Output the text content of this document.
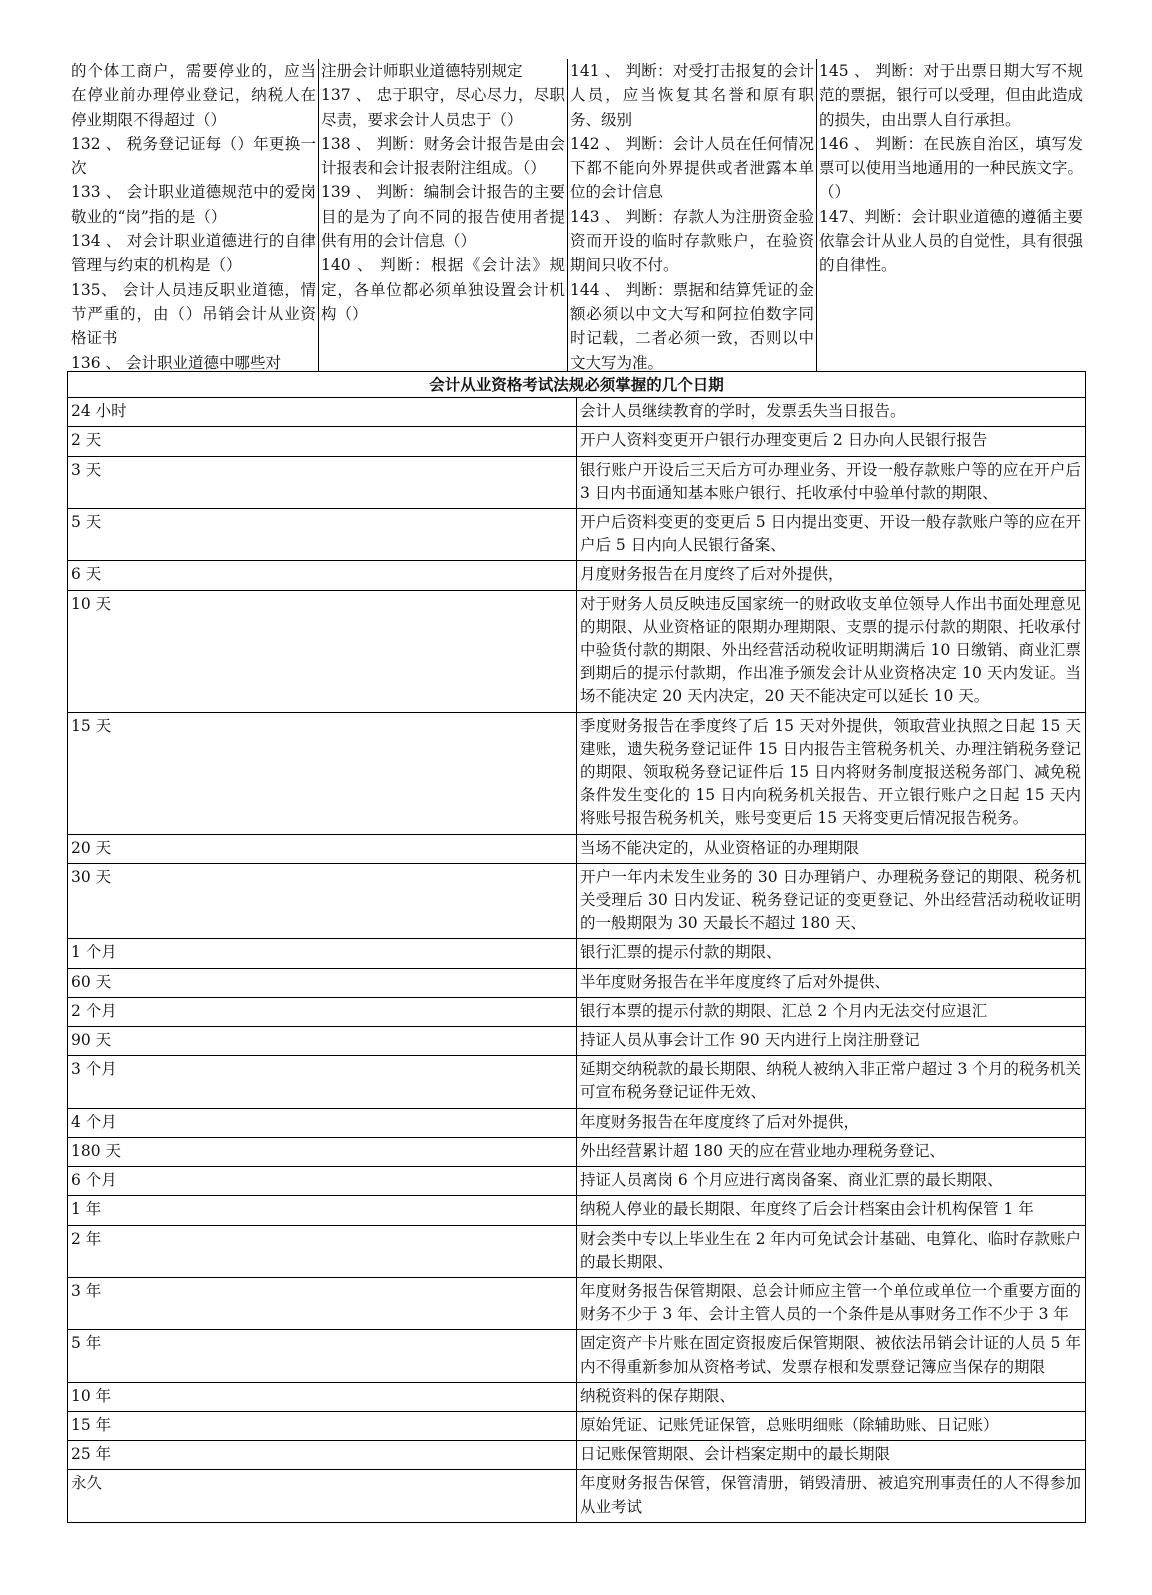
的个体工商户，需要停业的，应当在停业前办理停业登记，纳税人在停业期限不得超过（）

132 、 税务登记证每（）年更换一次

133 、 会计职业道德规范中的爱岗敬业的“岗”指的是（）

134 、 对会计职业道德进行的自律管理与约束的机构是（）

135、 会计人员违反职业道德，情节严重的，由（）吊销会计从业资格证书

136 、 会计职业道德中哪些对

注册会计师职业道德特别规定

137 、 忠于职守，尽心尽力，尽职尽责，要求会计人员忠于（）

138 、 判断：财务会计报告是由会计报表和会计报表附注组成。（）

139 、 判断：编制会计报告的主要目的是为了向不同的报告使用者提供有用的会计信息（）

140 、 判断：根据《会计法》规定，各单位都必须单独设置会计机构（）

141 、 判断：对受打击报复的会计人员，应当恢复其名誉和原有职务、级别

142 、 判断：会计人员在任何情况下都不能向外界提供或者泄露本单位的会计信息

143 、 判断：存款人为注册资金验资而开设的临时存款账户，在验资期间只收不付。

144 、 判断：票据和结算凭证的金额必须以中文大写和阿拉伯数字同时记载，二者必须一致，否则以中文大写为准。

145 、 判断：对于出票日期大写不规范的票据，银行可以受理，但由此造成的损失，由出票人自行承担。

146 、 判断：在民族自治区，填写发票可以使用当地通用的一种民族文字。（）

147、判断：会计职业道德的遵循主要依靠会计从业人员的自觉性，具有很强的自律性。

会计从业资格考试法规必须掌握的几个日期	
24 小时	会计人员继续教育的学时，发票丢失当日报告。
2 天	开户人资料变更开户银行办理变更后 2 日办向人民银行报告
3 天	银行账户开设后三天后方可办理业务、开设一般存款账户等的应在开户后 3 日内书面通知基本账户银行、托收承付中验单付款的期限、
5 天	开户后资料变更的变更后 5 日内提出变更、开设一般存款账户等的应在开户后 5 日内向人民银行备案、
6 天	月度财务报告在月度终了后对外提供，
10 天	对于财务人员反映违反国家统一的财政收支单位领导人作出书面处理意见的期限、从业资格证的限期办理期限、支票的提示付款的期限、托收承付中验货付款的期限、外出经营活动税收证明期满后 10 日缴销、商业汇票到期后的提示付款期，作出准予颁发会计从业资格决定 10 天内发证。当场不能决定 20 天内决定，20 天不能决定可以延长 10 天。
15 天	季度财务报告在季度终了后 15 天对外提供，领取营业执照之日起 15 天建账，遗失税务登记证件 15 日内报告主管税务机关、办理注销税务登记的期限、领取税务登记证件后 15 日内将财务制度报送税务部门、减免税条件发生变化的 15 日内向税务机关报告、开立银行账户之日起 15 天内将账号报告税务机关，账号变更后 15 天将变更后情况报告税务。
20 天	当场不能决定的，从业资格证的办理期限
30 天	开户一年内未发生业务的 30 日办理销户、办理税务登记的期限、税务机关受理后 30 日内发证、税务登记证的变更登记、外出经营活动税收证明的一般期限为 30 天最长不超过 180 天、
1 个月	银行汇票的提示付款的期限、
60 天	半年度财务报告在半年度度终了后对外提供、
2 个月	银行本票的提示付款的期限、汇总 2 个月内无法交付应退汇
90 天	持证人员从事会计工作 90 天内进行上岗注册登记
3 个月	延期交纳税款的最长期限、纳税人被纳入非正常户超过 3 个月的税务机关可宣布税务登记证件无效、
4 个月	年度财务报告在年度度终了后对外提供，
180 天	外出经营累计超 180 天的应在营业地办理税务登记、
6 个月	持证人员离岗 6 个月应进行离岗备案、商业汇票的最长期限、
1 年	纳税人停业的最长期限、年度终了后会计档案由会计机构保管 1 年
2 年	财会类中专以上毕业生在 2 年内可免试会计基础、电算化、临时存款账户的最长期限、
3 年	年度财务报告保管期限、总会计师应主管一个单位或单位一个重要方面的财务不少于 3 年、会计主管人员的一个条件是从事财务工作不少于 3 年
5 年	固定资产卡片账在固定资报废后保管期限、被依法吊销会计证的人员 5 年内不得重新参加从资格考试、发票存根和发票登记簿应当保存的期限
10 年	纳税资料的保存期限、
15 年	原始凭证、记账凭证保管，总账明细账（除辅助账、日记账）
25 年	日记账保管期限、会计档案定期中的最长期限
永久	年度财务报告保管，保管清册，销毁清册、被追究刑事责任的人不得参加从业考试
